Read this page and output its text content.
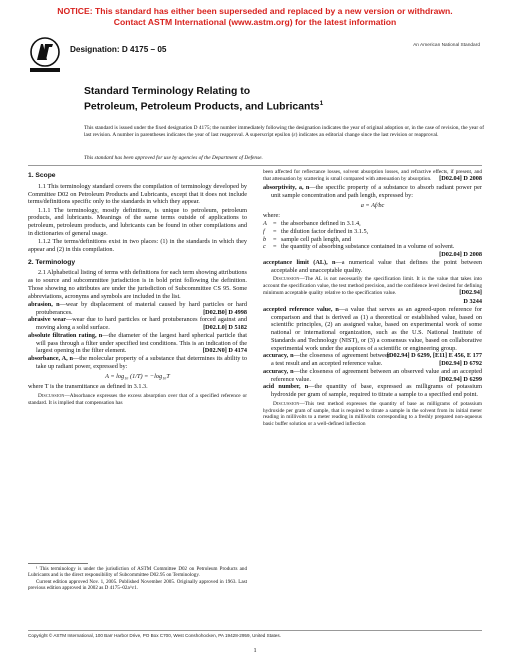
NOTICE: This standard has either been superseded and replaced by a new version or withdrawn.
Contact ASTM International (www.astm.org) for the latest information
Designation: D 4175 – 05	An American National Standard
Standard Terminology Relating to
Petroleum, Petroleum Products, and Lubricants$^1$
This standard is issued under the fixed designation D 4175; the number immediately following the designation indicates the year of original adoption or, in the case of revision, the year of last revision. A number in parentheses indicates the year of last reapproval. A superscript epsilon (ε) indicates an editorial change since the last revision or reapproval.
This standard has been approved for use by agencies of the Department of Defense.
1. Scope
1.1 This terminology standard covers the compilation of terminology developed by Committee D02 on Petroleum Products and Lubricants, except that it does not include terms/definitions specific only to the standards in which they appear.
1.1.1 The terminology, mostly definitions, is unique to petroleum, petroleum products, and lubricants. Meanings of the same terms outside of applications to petroleum, petroleum products, and lubricants can be found in other compilations and in dictionaries of general usage.
1.1.2 The terms/definitions exist in two places: (1) in the standards in which they appear and (2) in this compilation.
2. Terminology
2.1 Alphabetical listing of terms with definitions for each term showing attributions as to source and subcommittee jurisdiction is in bold print following the definition. Those showing no attributes are under the jurisdiction of Subcommittee CS 95. Some abbreviations, acronyms and symbols are included in the list.
abrasion, n—wear by displacement of material caused by hard particles or hard protuberances.	[D02.B0] D 4998
abrasive wear—wear due to hard particles or hard protuberances forced against and moving along a solid surface.	[D02.L0] D 5182
absolute filtration rating, n—the diameter of the largest hard spherical particle that will pass through a filter under specified test conditions. This is an indication of the largest opening in the filter element.	[D02.N0] D 4174
absorbance, A, n—the molecular property of a substance that determines its ability to take up radiant power, expressed by:
A = log₁₀ (1/T) = −log₁₀T
where T is the transmittance as defined in 3.1.3.
Discussion—Absorbance expresses the excess absorption over that of a specified reference or standard. It is implied that compensation has

¹ This terminology is under the jurisdiction of ASTM Committee D02 on Petroleum Products and Lubricants and is the direct responsibility of Subcommittee D02.95 on Terminology.

Current edition approved Nov. 1, 2005. Published November 2005. Originally approved in 1963. Last previous edition approved in 2002 as D 4175–02a^ε1.

been affected for reflectance losses, solvent absorption losses, and refractive effects, if present, and that attenuation by scattering is small compared with attenuation by absorption. [D02.04] D 2008
absorptivity, a, n—the specific property of a substance to absorb radiant power per unit sample concentration and path length, expressed by:
a = Af/bc
where:
A = the absorbance defined in 3.1.4,
f	= the dilution factor defined in 3.1.5,
b	= sample cell path length, and
c	= the quantity of absorbing substance contained in a volume of solvent.
[D02.04] D 2008
acceptance limit (AL), n—a numerical value that defines the point between acceptable and unacceptable quality.
Discussion—The AL is not necessarily the specification limit. It is the value that takes into account the specification value, the test method precision, and the confidence level desired for defining minimum acceptable quality relative to the specification value.	[D02.94]
D 3244
accepted reference value, n—a value that serves as an agreed-upon reference for comparison and that is derived as (1) a theoretical or established value, based on scientific principles, (2) an assigned value, based on experimental work of some national or international organization, such as the U.S. National Institute of Standards and Technology (NIST), or (3) a consensus value, based on collaborative experimental work under the auspices of a scientific or engineering group.
[D02.94] D 6299, [E11] E 456, E 177
accuracy, n—the closeness of agreement between a test result and an accepted reference value.	[D02.94] D 6792
accuracy, n—the closeness of agreement between an observed value and an accepted reference value.	[D02.94] D 6299
acid number, n—the quantity of base, expressed as milligrams of potassium hydroxide per gram of sample, required to titrate a sample to a specified end point.
Discussion—This test method expresses the quantity of base as milligrams of potassium hydroxide per gram of sample, that is required to titrate a sample in the solvent from its initial meter reading in millivolts to a meter reading in millivolts corresponding to a freshly prepared non-aqueous basic buffer solution or a well-defined inflection
Copyright © ASTM International, 100 Barr Harbor Drive, PO Box C700, West Conshohocken, PA 19428-2959, United States.
1
